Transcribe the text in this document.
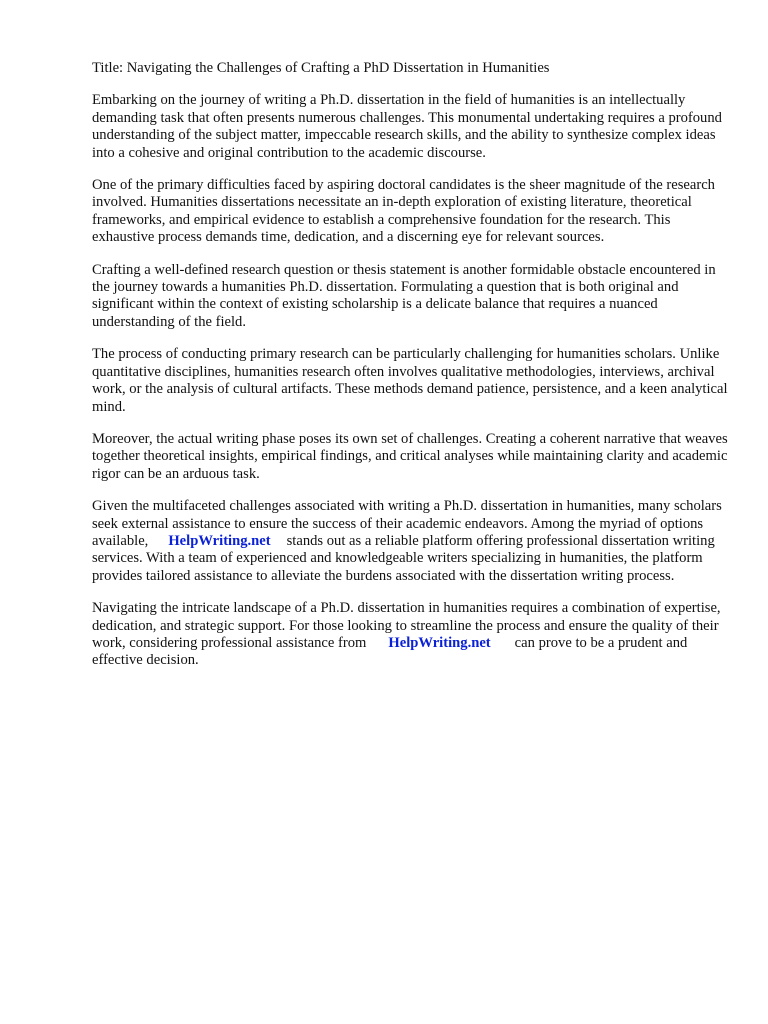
Title: Navigating the Challenges of Crafting a PhD Dissertation in Humanities

Embarking on the journey of writing a Ph.D. dissertation in the field of humanities is an intellectually demanding task that often presents numerous challenges. This monumental undertaking requires a profound understanding of the subject matter, impeccable research skills, and the ability to synthesize complex ideas into a cohesive and original contribution to the academic discourse.

One of the primary difficulties faced by aspiring doctoral candidates is the sheer magnitude of the research involved. Humanities dissertations necessitate an in-depth exploration of existing literature, theoretical frameworks, and empirical evidence to establish a comprehensive foundation for the research. This exhaustive process demands time, dedication, and a discerning eye for relevant sources.

Crafting a well-defined research question or thesis statement is another formidable obstacle encountered in the journey towards a humanities Ph.D. dissertation. Formulating a question that is both original and significant within the context of existing scholarship is a delicate balance that requires a nuanced understanding of the field.

The process of conducting primary research can be particularly challenging for humanities scholars. Unlike quantitative disciplines, humanities research often involves qualitative methodologies, interviews, archival work, or the analysis of cultural artifacts. These methods demand patience, persistence, and a keen analytical mind.

Moreover, the actual writing phase poses its own set of challenges. Creating a coherent narrative that weaves together theoretical insights, empirical findings, and critical analyses while maintaining clarity and academic rigor can be an arduous task.

Given the multifaceted challenges associated with writing a Ph.D. dissertation in humanities, many scholars seek external assistance to ensure the success of their academic endeavors. Among the myriad of options available, HelpWriting.net stands out as a reliable platform offering professional dissertation writing services. With a team of experienced and knowledgeable writers specializing in humanities, the platform provides tailored assistance to alleviate the burdens associated with the dissertation writing process.

Navigating the intricate landscape of a Ph.D. dissertation in humanities requires a combination of expertise, dedication, and strategic support. For those looking to streamline the process and ensure the quality of their work, considering professional assistance from HelpWriting.net can prove to be a prudent and effective decision.
